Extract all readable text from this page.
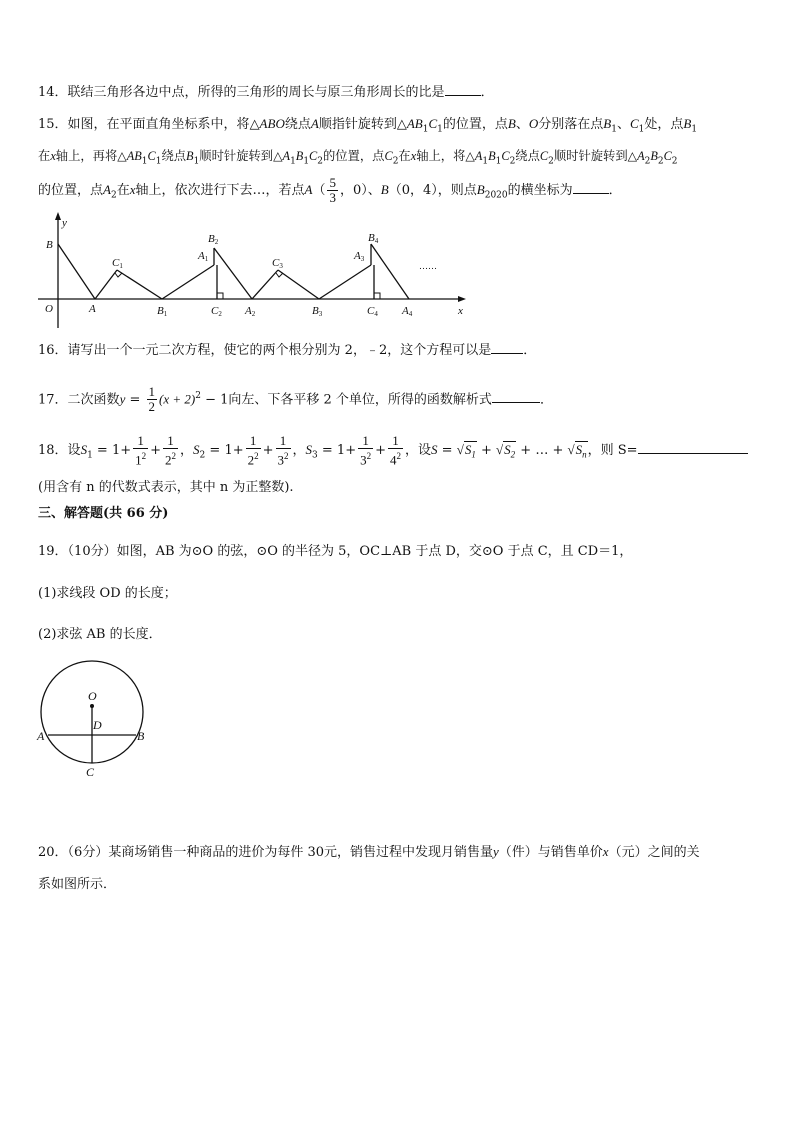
14．联结三角形各边中点，所得的三角形的周长与原三角形周长的比是	．
15．如图，在平面直角坐标系中，将△ABO绕点A顺指针旋转到$\triangle AB_1C_1$的位置，点B、O分别落在点$B_1$、$C_1$处，点$B_1$
在x轴上，再将$\triangle AB_1C_1$绕点$B_1$顺时针旋转到$\triangle A_1B_1C_2$的位置，点$C_2$在x轴上，将$\triangle A_1B_1C_2$绕点$C_2$顺时针旋转到$\triangle A_2B_2C_2$
的位置，点$A_2$在x轴上，依次进行下去…，若点$A( \frac{5}{3}$ ，0）、B（0，4），则点$B_{2020}$的横坐标为	．
y
x
O
B
A
C1
B1
A1
B2
C2 A2
C3
B3
A3
B4
C4 A4
……
16．请写出一个一元二次方程，使它的两个根分别为 2，﹣2，这个方程可以是 ．
17．二次函数$y = \frac{1}{2} (x + 2)^2 - 1$向左、下各平移 2 个单位，所得的函数解析式	．
18．设$S_1 = 1+ \frac{1}{1^2} + \frac{1}{2^2}$ ，$S_2 = 1+ \frac{1}{2^2} + \frac{1}{3^2}$ ，$S_3 = 1+ \frac{1}{3^2} + \frac{1}{4^2}$ ，设$S = √S_1 + √S_2$ + … + $√S_n$，则 S=
(用含有 n 的代数式表示，其中 n 为正整数).
三、解答题(共 66 分)
19．（10分）如图，AB 为⊙O 的弦，⊙O 的半径为 5，OC⊥AB 于点 D，交⊙O 于点 C，且 CD＝1，
(1)求线段 OD 的长度；
(2)求弦 AB 的长度．
O
D
A	B
C
20．（6分）某商场销售一种商品的进价为每件 30元，销售过程中发现月销售量y（件）与销售单价x（元）之间的关
系如图所示．
